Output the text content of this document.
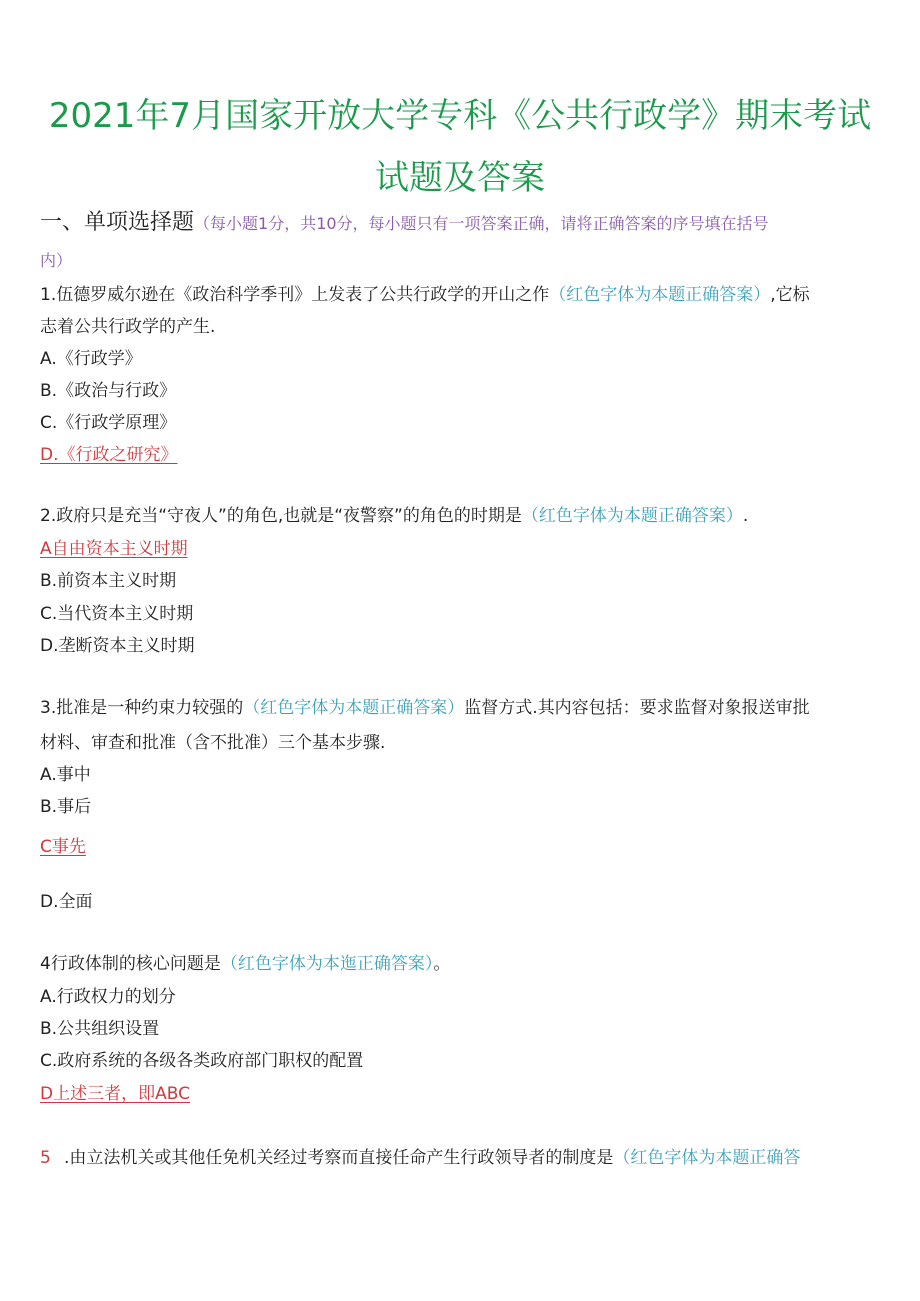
2021年7月国家开放大学专科《公共行政学》期末考试
试题及答案
一、单项选择题（每小题1分，共10分，每小题只有一项答案正确，请将正确答案的序号填在括号
内）
1.伍德罗威尔逊在《政治科学季刊》上发表了公共行政学的开山之作（红色字体为本题正确答案）,它标
志着公共行政学的产生.
A.《行政学》
B.《政治与行政》
C.《行政学原理》
D.《行政之研究》
2.政府只是充当“守夜人”的角色,也就是“夜警察”的角色的时期是（红色字体为本题正确答案）.
A自由资本主义时期
B.前资本主义时期
C.当代资本主义时期
D.垄断资本主义时期
3.批准是一种约束力较强的（红色字体为本题正确答案）监督方式.其内容包括：要求监督对象报送审批
材料、审查和批准（含不批准）三个基本步骤.
A.事中
B.事后
C事先
D.全面
4行政体制的核心问题是（红色字体为本迤正确答案）。
A.行政权力的划分
B.公共组织设置
C.政府系统的各级各类政府部门职权的配置
D上述三者，即ABC
5 .由立法机关或其他任免机关经过考察而直接任命产生行政领导者的制度是（红色字体为本题正确答
